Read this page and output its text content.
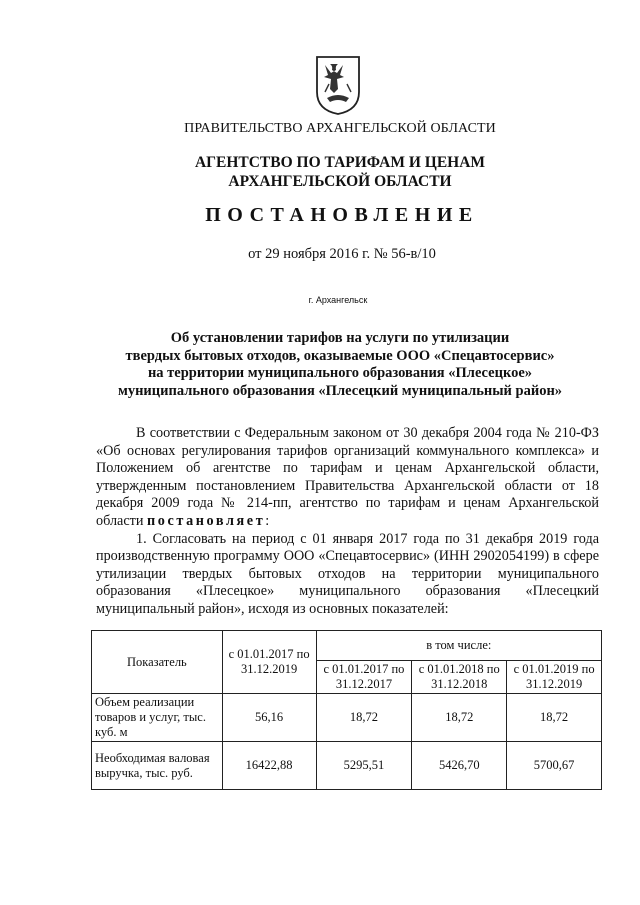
ПРАВИТЕЛЬСТВО АРХАНГЕЛЬСКОЙ ОБЛАСТИ
АГЕНТСТВО ПО ТАРИФАМ И ЦЕНАМ
АРХАНГЕЛЬСКОЙ ОБЛАСТИ
ПОСТАНОВЛЕНИЕ
от 29 ноября 2016 г. № 56-в/10
г. Архангельск
Об установлении тарифов на услуги по утилизации
твердых бытовых отходов, оказываемые ООО «Спецавтосервис»
на территории муниципального образования «Плесецкое»
муниципального образования «Плесецкий муниципальный район»

В соответствии с Федеральным законом от 30 декабря 2004 года № 210-ФЗ «Об основах регулирования тарифов организаций коммунального комплекса» и Положением об агентстве по тарифам и ценам Архангельской области, утвержденным постановлением Правительства Архангельской области от 18 декабря 2009 года № 214-пп, агентство по тарифам и ценам Архангельской области постановляет:

1. Согласовать на период с 01 января 2017 года по 31 декабря 2019 года производственную программу ООО «Спецавтосервис» (ИНН 2902054199) в сфере утилизации твердых бытовых отходов на территории муниципального образования «Плесецкое» муниципального образования «Плесецкий муниципальный район», исходя из основных показателей:

Показатель	с 01.01.2017 по 31.12.2019	в том числе:		
		с 01.01.2017 по 31.12.2017	с 01.01.2018 по 31.12.2018	с 01.01.2019 по 31.12.2019
Объем реализации товаров и услуг, тыс. куб. м	56,16	18,72	18,72	18,72
Необходимая валовая выручка, тыс. руб.	16422,88	5295,51	5426,70	5700,67
